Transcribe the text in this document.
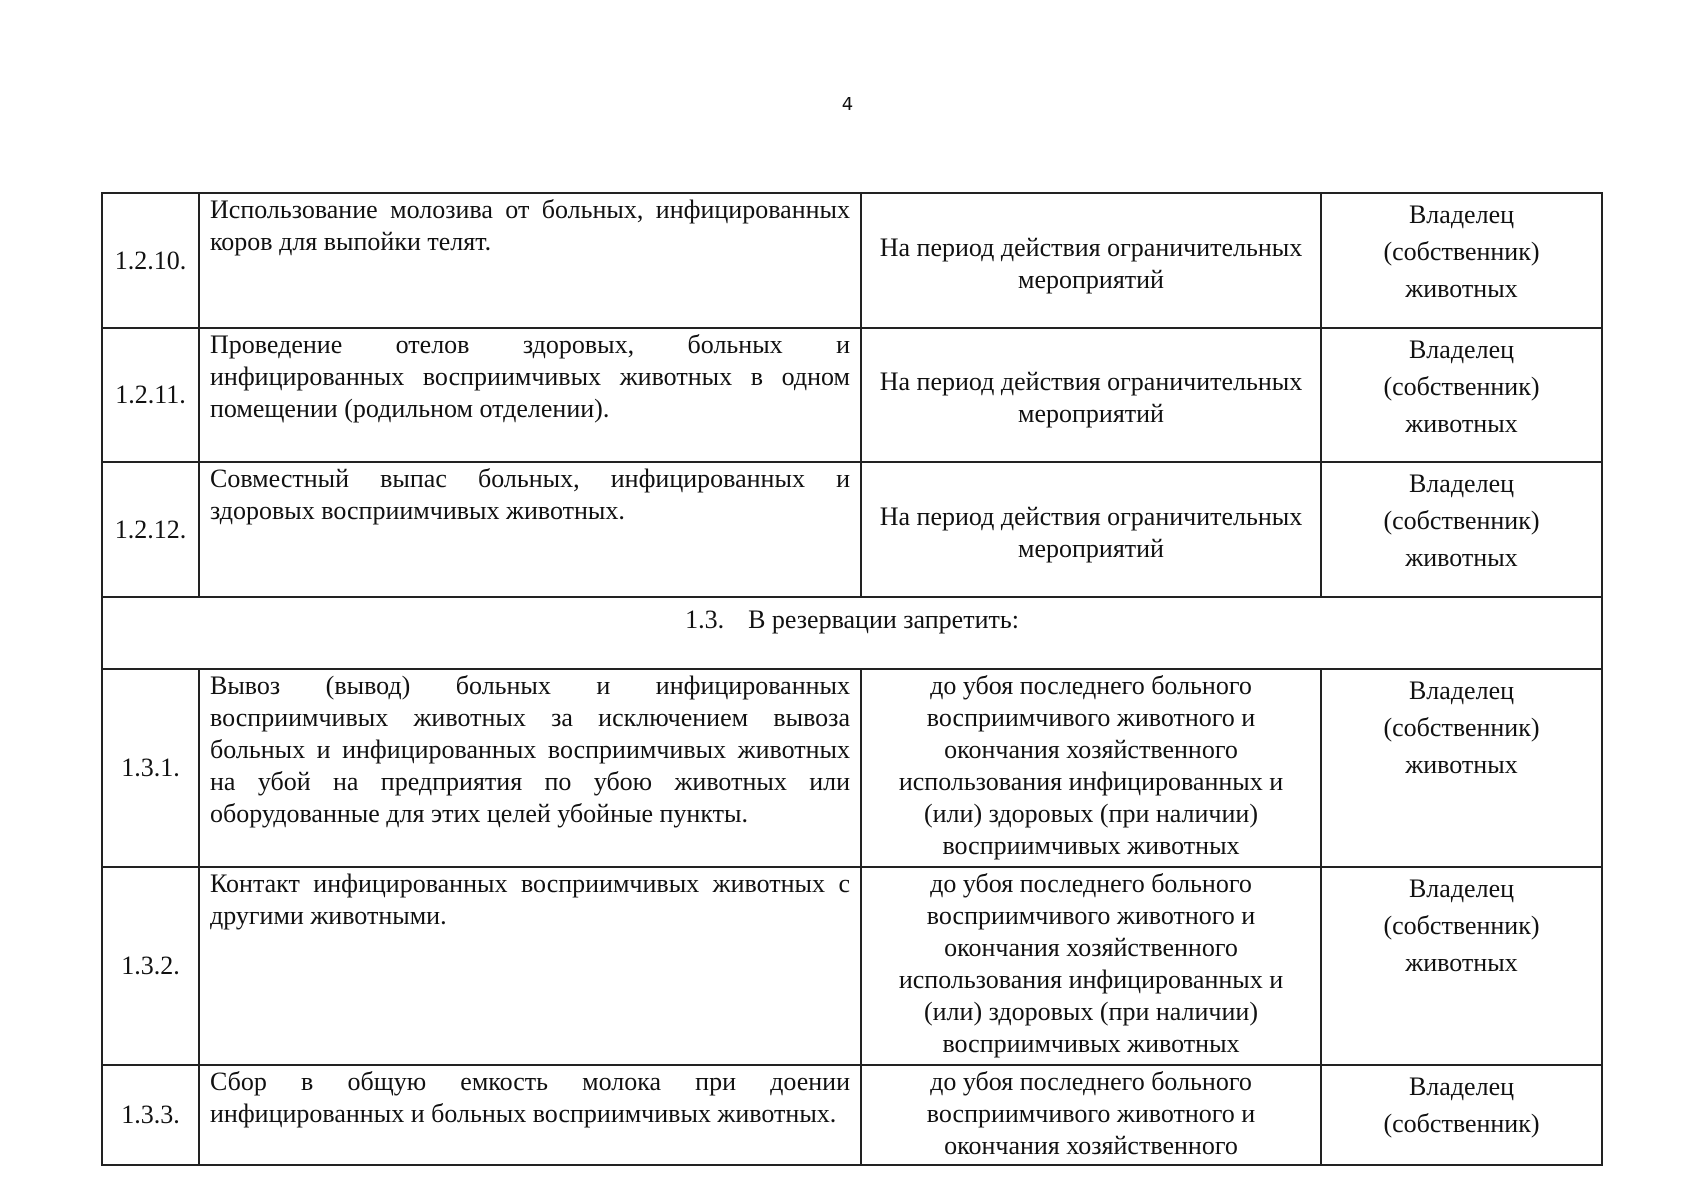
4
1.2.10.	Использование молозива от больных, инфицированных коров для выпойки телят.	На период действия ограничительных мероприятий	Владелец (собственник) животных
1.2.11.	Проведение отелов здоровых, больных и инфицированных восприимчивых животных в одном помещении (родильном отделении).	На период действия ограничительных мероприятий	Владелец (собственник) животных
1.2.12.	Совместный выпас больных, инфицированных и здоровых восприимчивых животных.	На период действия ограничительных мероприятий	Владелец (собственник) животных
1.3. В резервации запретить:			
1.3.1.	Вывоз (вывод) больных и инфицированных восприимчивых животных за исключением вывоза больных и инфицированных восприимчивых животных на убой на предприятия по убою животных или оборудованные для этих целей убойные пункты.	до убоя последнего больного восприимчивого животного и окончания хозяйственного использования инфицированных и (или) здоровых (при наличии) восприимчивых животных	Владелец (собственник) животных
1.3.2.	Контакт инфицированных восприимчивых животных с другими животными.	до убоя последнего больного восприимчивого животного и окончания хозяйственного использования инфицированных и (или) здоровых (при наличии) восприимчивых животных	Владелец (собственник) животных
1.3.3.	Сбор в общую емкость молока при доении инфицированных и больных восприимчивых животных.	до убоя последнего больного восприимчивого животного и окончания хозяйственного	Владелец (собственник)
